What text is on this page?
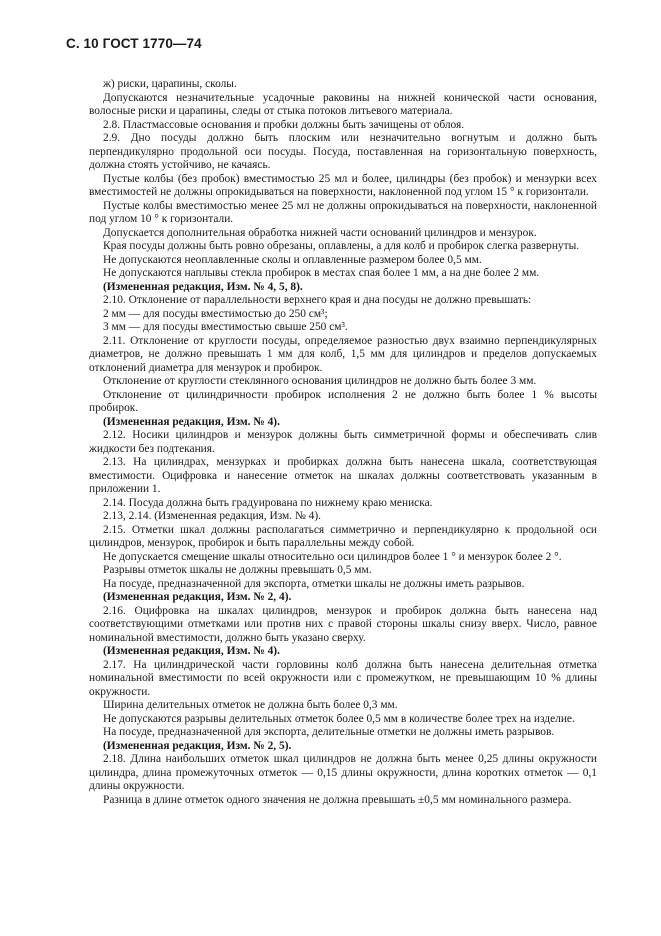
С. 10 ГОСТ 1770—74

ж) риски, царапины, сколы.

Допускаются незначительные усадочные раковины на нижней конической части основания, волосные риски и царапины, следы от стыка потоков литьевого материала.

2.8. Пластмассовые основания и пробки должны быть зачищены от облоя.

2.9. Дно посуды должно быть плоским или незначительно вогнутым и должно быть перпендикулярно продольной оси посуды. Посуда, поставленная на горизонтальную поверхность, должна стоять устойчиво, не качаясь.

Пустые колбы (без пробок) вместимостью 25 мл и более, цилиндры (без пробок) и мензурки всех вместимостей не должны опрокидываться на поверхности, наклоненной под углом 15 ° к горизонтали.

Пустые колбы вместимостью менее 25 мл не должны опрокидываться на поверхности, наклоненной под углом 10 ° к горизонтали.

Допускается дополнительная обработка нижней части оснований цилиндров и мензурок.

Края посуды должны быть ровно обрезаны, оплавлены, а для колб и пробирок слегка развернуты.

Не допускаются неоплавленные сколы и оплавленные размером более 0,5 мм.

Не допускаются наплывы стекла пробирок в местах спая более 1 мм, а на дне более 2 мм.

(Измененная редакция, Изм. № 4, 5, 8).

2.10. Отклонение от параллельности верхнего края и дна посуды не должно превышать:

2 мм — для посуды вместимостью до 250 см³;

3 мм — для посуды вместимостью свыше 250 см³.

2.11. Отклонение от круглости посуды, определяемое разностью двух взаимно перпендикулярных диаметров, не должно превышать 1 мм для колб, 1,5 мм для цилиндров и пределов допускаемых отклонений диаметра для мензурок и пробирок.

Отклонение от круглости стеклянного основания цилиндров не должно быть более 3 мм.

Отклонение от цилиндричности пробирок исполнения 2 не должно быть более 1 % высоты пробирок.

(Измененная редакция, Изм. № 4).

2.12. Носики цилиндров и мензурок должны быть симметричной формы и обеспечивать слив жидкости без подтекания.

2.13. На цилиндрах, мензурках и пробирках должна быть нанесена шкала, соответствующая вместимости. Оцифровка и нанесение отметок на шкалах должны соответствовать указанным в приложении 1.

2.14. Посуда должна быть градуирована по нижнему краю мениска.

2.13, 2.14. (Измененная редакция, Изм. № 4).

2.15. Отметки шкал должны располагаться симметрично и перпендикулярно к продольной оси цилиндров, мензурок, пробирок и быть параллельны между собой.

Не допускается смещение шкалы относительно оси цилиндров более 1 ° и мензурок более 2 °.

Разрывы отметок шкалы не должны превышать 0,5 мм.

На посуде, предназначенной для экспорта, отметки шкалы не должны иметь разрывов.

(Измененная редакция, Изм. № 2, 4).

2.16. Оцифровка на шкалах цилиндров, мензурок и пробирок должна быть нанесена над соответствующими отметками или против них с правой стороны шкалы снизу вверх. Число, равное номинальной вместимости, должно быть указано сверху.

(Измененная редакция, Изм. № 4).

2.17. На цилиндрической части горловины колб должна быть нанесена делительная отметка номинальной вместимости по всей окружности или с промежутком, не превышающим 10 % длины окружности.

Ширина делительных отметок не должна быть более 0,3 мм.

Не допускаются разрывы делительных отметок более 0,5 мм в количестве более трех на изделие.

На посуде, предназначенной для экспорта, делительные отметки не должны иметь разрывов.

(Измененная редакция, Изм. № 2, 5).

2.18. Длина наибольших отметок шкал цилиндров не должна быть менее 0,25 длины окружности цилиндра, длина промежуточных отметок — 0,15 длины окружности, длина коротких отметок — 0,1 длины окружности.

Разница в длине отметок одного значения не должна превышать ±0,5 мм номинального размера.
